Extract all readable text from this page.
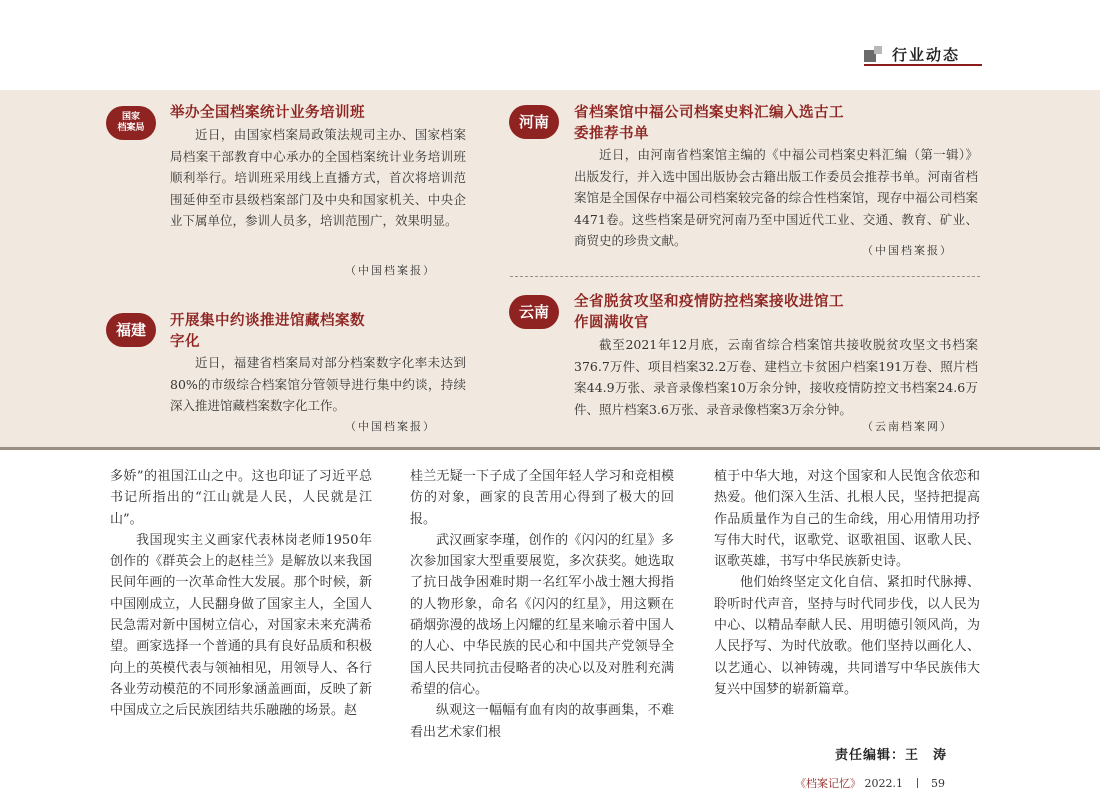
行业动态
国家
档案局
举办全国档案统计业务培训班
近日，由国家档案局政策法规司主办、国家档案局档案干部教育中心承办的全国档案统计业务培训班顺利举行。培训班采用线上直播方式，首次将培训范围延伸至市县级档案部门及中央和国家机关、中央企业下属单位，参训人员多，培训范围广，效果明显。
（中国档案报）
福建	开展集中约谈推进馆藏档案数
字化
近日，福建省档案局对部分档案数字化率未达到80%的市级综合档案馆分管领导进行集中约谈，持续深入推进馆藏档案数字化工作。
（中国档案报）
河南	省档案馆中福公司档案史料汇编入选古工
委推荐书单
近日，由河南省档案馆主编的《中福公司档案史料汇编（第一辑）》出版发行，并入选中国出版协会古籍出版工作委员会推荐书单。河南省档案馆是全国保存中福公司档案较完备的综合性档案馆，现存中福公司档案4471卷。这些档案是研究河南乃至中国近代工业、交通、教育、矿业、商贸史的珍贵文献。
（中国档案报）
云南
全省脱贫攻坚和疫情防控档案接收进馆工
作圆满收官
截至2021年12月底，云南省综合档案馆共接收脱贫攻坚文书档案376.7万件、项目档案32.2万卷、建档立卡贫困户档案191万卷、照片档案44.9万张、录音录像档案10万余分钟，接收疫情防控文书档案24.6万件、照片档案3.6万张、录音录像档案3万余分钟。
（云南档案网）

多娇”的祖国江山之中。这也印证了习近平总书记所指出的“江山就是人民，人民就是江山”。

我国现实主义画家代表林岗老师1950年创作的《群英会上的赵桂兰》是解放以来我国民间年画的一次革命性大发展。那个时候，新中国刚成立，人民翻身做了国家主人，全国人民急需对新中国树立信心，对国家未来充满希望。画家选择一个普通的具有良好品质和积极向上的英模代表与领袖相见，用领导人、各行各业劳动模范的不同形象涵盖画面，反映了新中国成立之后民族团结共乐融融的场景。赵

桂兰无疑一下子成了全国年轻人学习和竞相模仿的对象，画家的良苦用心得到了极大的回报。

武汉画家李瑾，创作的《闪闪的红星》多次参加国家大型重要展览，多次获奖。她选取了抗日战争困难时期一名红军小战士翘大拇指的人物形象，命名《闪闪的红星》，用这颗在硝烟弥漫的战场上闪耀的红星来喻示着中国人的人心、中华民族的民心和中国共产党领导全国人民共同抗击侵略者的决心以及对胜利充满希望的信心。

纵观这一幅幅有血有肉的故事画集，不难看出艺术家们根

植于中华大地，对这个国家和人民饱含依恋和热爱。他们深入生活、扎根人民，坚持把提高作品质量作为自己的生命线，用心用情用功抒写伟大时代，讴歌党、讴歌祖国、讴歌人民、讴歌英雄，书写中华民族新史诗。

他们始终坚定文化自信、紧扣时代脉搏、聆听时代声音，坚持与时代同步伐，以人民为中心、以精品奉献人民、用明德引领风尚，为人民抒写、为时代放歌。他们坚持以画化人、以艺通心、以神铸魂，共同谱写中华民族伟大复兴中国梦的崭新篇章。

责任编辑：王　涛
《档案记忆》 2022.1	59
